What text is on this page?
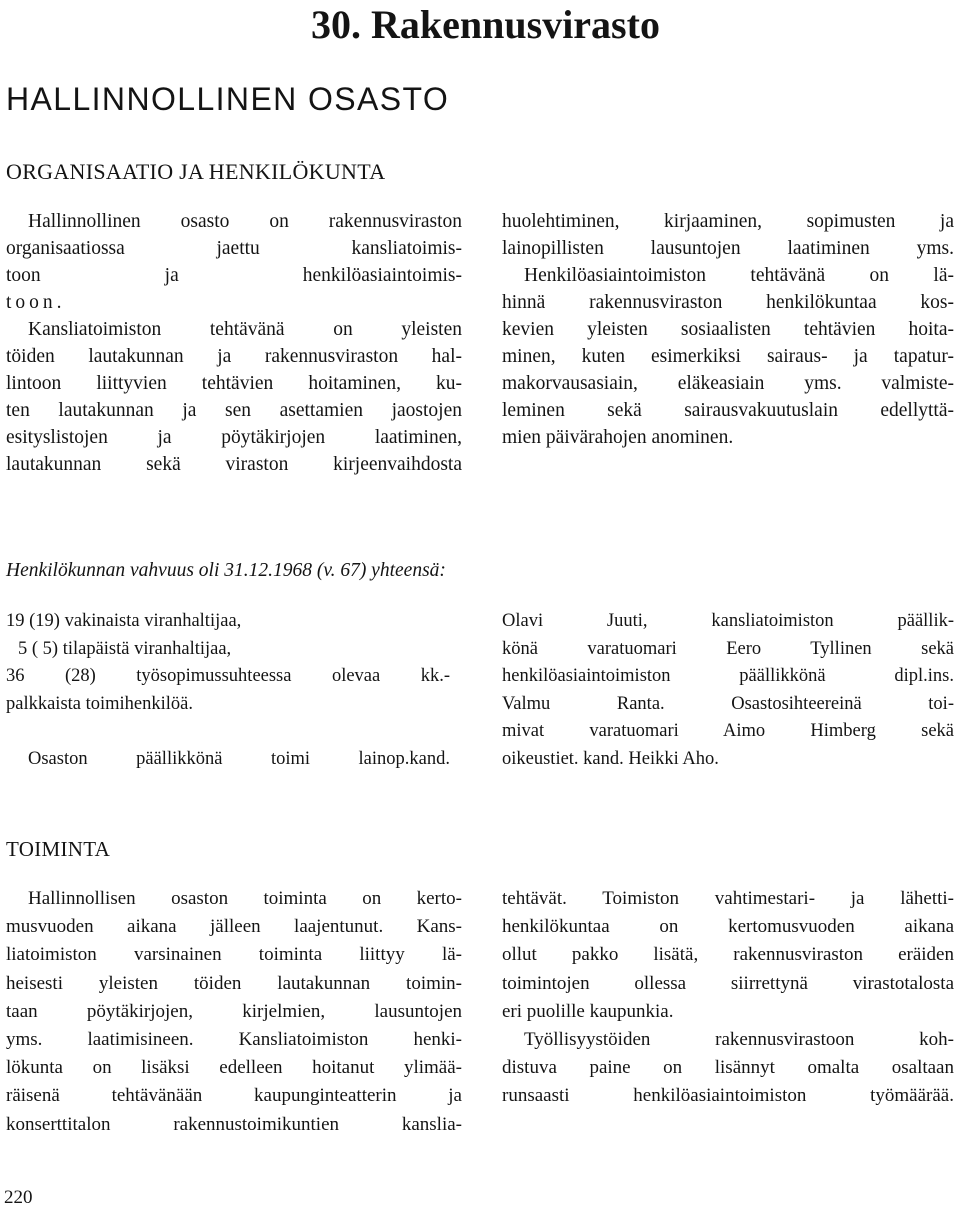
30. Rakennusvirasto
HALLINNOLLINEN OSASTO
ORGANISAATIO JA HENKILÖKUNTA
Hallinnollinen osasto on rakennusviraston
organisaatiossa jaettu kansliatoimis-
toon ja henkilöasiaintoimis-
toon.
Kansliatoimiston tehtävänä on yleisten
töiden lautakunnan ja rakennusviraston hal-
lintoon liittyvien tehtävien hoitaminen, ku-
ten lautakunnan ja sen asettamien jaostojen
esityslistojen ja pöytäkirjojen laatiminen,
lautakunnan sekä viraston kirjeenvaihdosta
huolehtiminen, kirjaaminen, sopimusten ja
lainopillisten lausuntojen laatiminen yms.
Henkilöasiaintoimiston tehtävänä on lä-
hinnä rakennusviraston henkilökuntaa kos-
kevien yleisten sosiaalisten tehtävien hoita-
minen, kuten esimerkiksi sairaus- ja tapatur-
makorvausasiain, eläkeasiain yms. valmiste-
leminen sekä sairausvakuutuslain edellyttä-
mien päivärahojen anominen.

Henkilökunnan vahvuus oli 31.12.1968 (v. 67) yhteensä:

19 (19) vakinaista viranhaltijaa,
5 ( 5) tilapäistä viranhaltijaa,
36 (28) työsopimussuhteessa olevaa kk.-
palkkaista toimihenkilöä.
Osaston päällikkönä toimi lainop.kand.
Olavi Juuti, kansliatoimiston päällik-
könä varatuomari Eero Tyllinen sekä
henkilöasiaintoimiston päällikkönä dipl.ins.
Valmu Ranta. Osastosihteereinä toi-
mivat varatuomari Aimo Himberg sekä
oikeustiet. kand. Heikki Aho.
TOIMINTA
Hallinnollisen osaston toiminta on kerto-
musvuoden aikana jälleen laajentunut. Kans-
liatoimiston varsinainen toiminta liittyy lä-
heisesti yleisten töiden lautakunnan toimin-
taan pöytäkirjojen, kirjelmien, lausuntojen
yms. laatimisineen. Kansliatoimiston henki-
lökunta on lisäksi edelleen hoitanut ylimää-
räisenä tehtävänään kaupunginteatterin ja
konserttitalon rakennustoimikuntien kanslia-
tehtävät. Toimiston vahtimestari- ja lähetti-
henkilökuntaa on kertomusvuoden aikana
ollut pakko lisätä, rakennusviraston eräiden
toimintojen ollessa siirrettynä virastotalosta
eri puolille kaupunkia.
Työllisyystöiden rakennusvirastoon koh-
distuva paine on lisännyt omalta osaltaan
runsaasti henkilöasiaintoimiston työmäärää.
220
